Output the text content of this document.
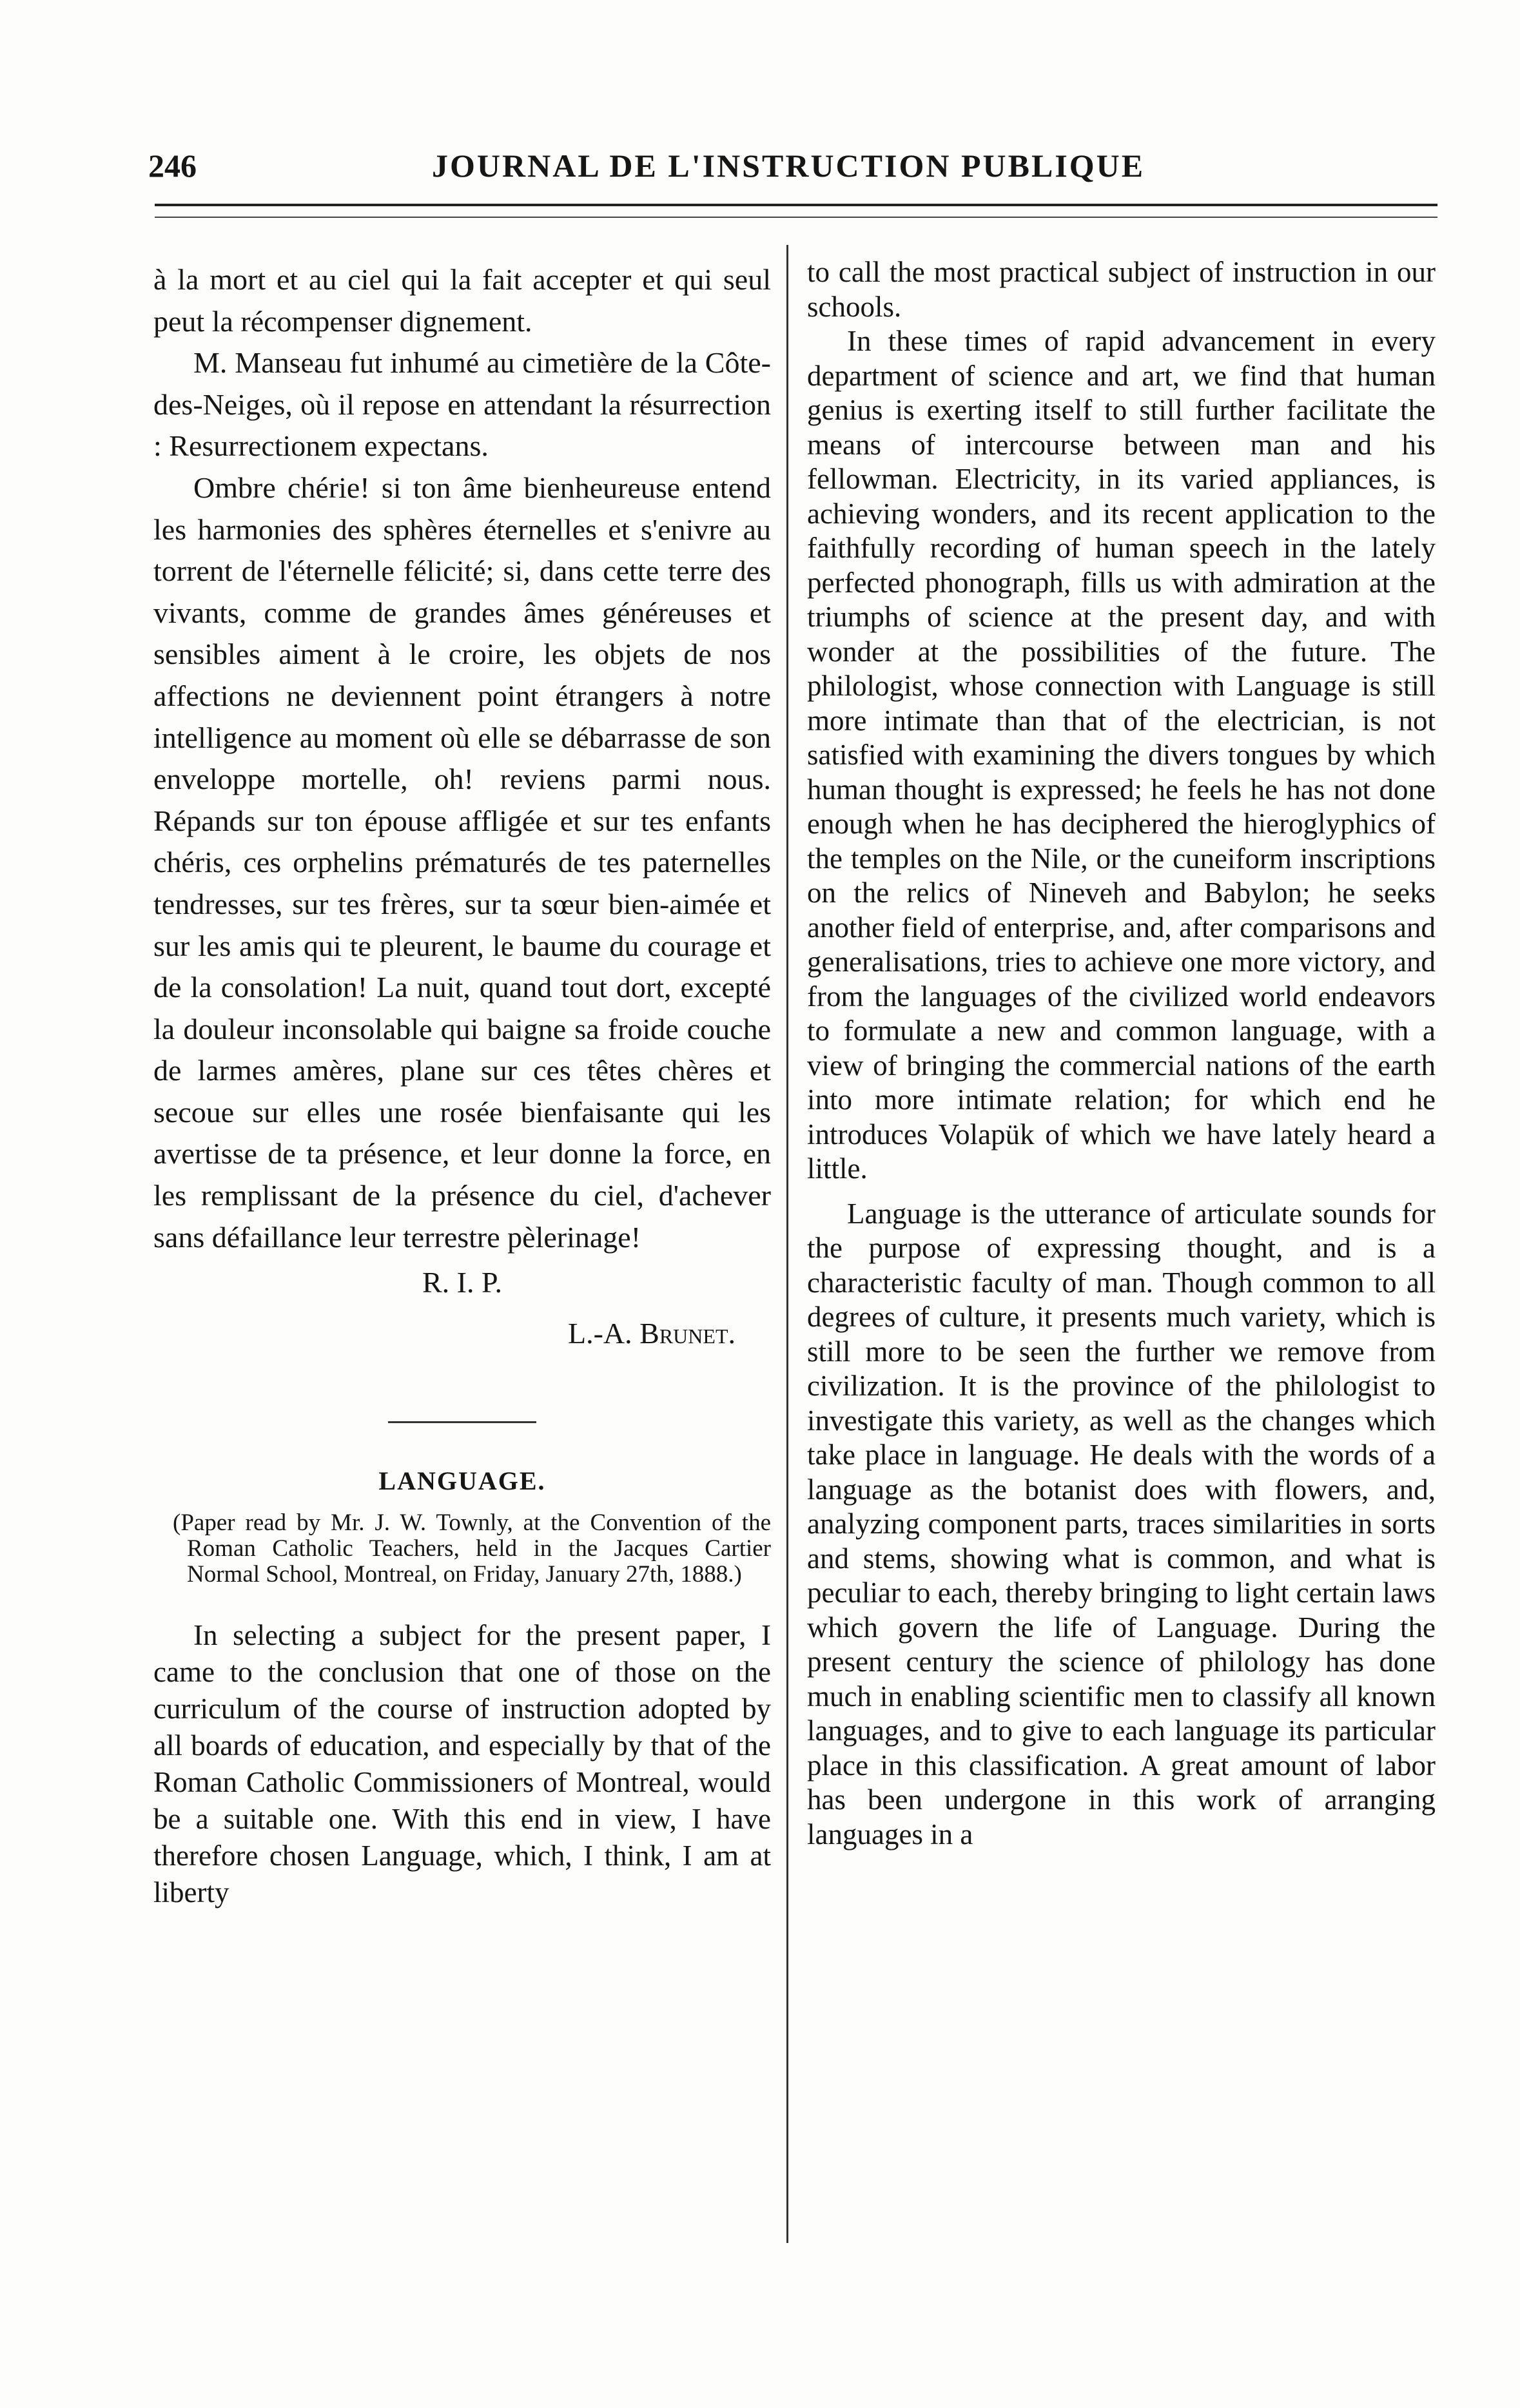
246	JOURNAL DE L'INSTRUCTION PUBLIQUE

à la mort et au ciel qui la fait accepter et qui seul peut la récompenser dignement.

M. Manseau fut inhumé au cimetière de la Côte-des-Neiges, où il repose en attendant la résurrection : Resurrectionem expectans.

Ombre chérie! si ton âme bienheureuse entend les harmonies des sphères éternelles et s'enivre au torrent de l'éternelle félicité; si, dans cette terre des vivants, comme de grandes âmes généreuses et sensibles aiment à le croire, les objets de nos affections ne deviennent point étrangers à notre intelligence au moment où elle se débarrasse de son enveloppe mortelle, oh! reviens parmi nous. Répands sur ton épouse affligée et sur tes enfants chéris, ces orphelins prématurés de tes paternelles tendresses, sur tes frères, sur ta sœur bien-aimée et sur les amis qui te pleurent, le baume du courage et de la consolation! La nuit, quand tout dort, excepté la douleur inconsolable qui baigne sa froide couche de larmes amères, plane sur ces têtes chères et secoue sur elles une rosée bienfaisante qui les avertisse de ta présence, et leur donne la force, en les remplissant de la présence du ciel, d'achever sans défaillance leur terrestre pèlerinage!

R. I. P.

L.-A. Brunet.

LANGUAGE.

(Paper read by Mr. J. W. Townly, at the Convention of the Roman Catholic Teachers, held in the Jacques Cartier Normal School, Montreal, on Friday, January 27th, 1888.)

In selecting a subject for the present paper, I came to the conclusion that one of those on the curriculum of the course of instruction adopted by all boards of education, and especially by that of the Roman Catholic Commissioners of Montreal, would be a suitable one. With this end in view, I have therefore chosen Language, which, I think, I am at liberty

to call the most practical subject of instruction in our schools.

In these times of rapid advancement in every department of science and art, we find that human genius is exerting itself to still further facilitate the means of intercourse between man and his fellowman. Electricity, in its varied appliances, is achieving wonders, and its recent application to the faithfully recording of human speech in the lately perfected phonograph, fills us with admiration at the triumphs of science at the present day, and with wonder at the possibilities of the future. The philologist, whose connection with Language is still more intimate than that of the electrician, is not satisfied with examining the divers tongues by which human thought is expressed; he feels he has not done enough when he has deciphered the hieroglyphics of the temples on the Nile, or the cuneiform inscriptions on the relics of Nineveh and Babylon; he seeks another field of enterprise, and, after comparisons and generalisations, tries to achieve one more victory, and from the languages of the civilized world endeavors to formulate a new and common language, with a view of bringing the commercial nations of the earth into more intimate relation; for which end he introduces Volapük of which we have lately heard a little.

Language is the utterance of articulate sounds for the purpose of expressing thought, and is a characteristic faculty of man. Though common to all degrees of culture, it presents much variety, which is still more to be seen the further we remove from civilization. It is the province of the philologist to investigate this variety, as well as the changes which take place in language. He deals with the words of a language as the botanist does with flowers, and, analyzing component parts, traces similarities in sorts and stems, showing what is common, and what is peculiar to each, thereby bringing to light certain laws which govern the life of Language. During the present century the science of philology has done much in enabling scientific men to classify all known languages, and to give to each language its particular place in this classification. A great amount of labor has been undergone in this work of arranging languages in a
